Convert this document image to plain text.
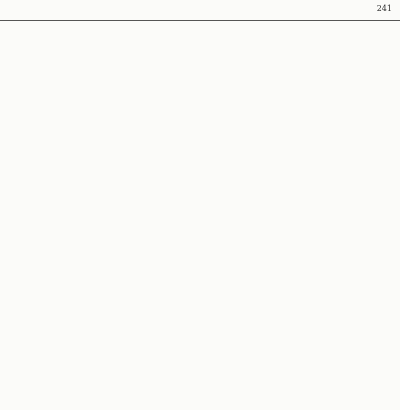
241
